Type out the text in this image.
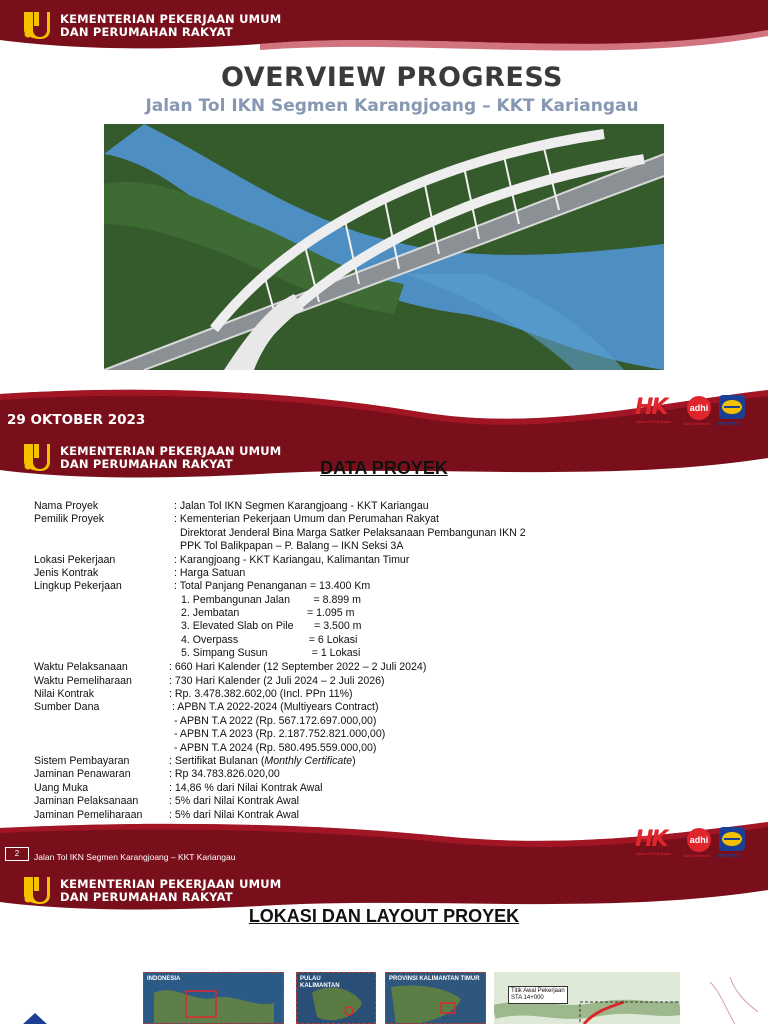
KEMENTERIAN PEKERJAAN UMUM
DAN PERUMAHAN RAKYAT
OVERVIEW PROGRESS
Jalan Tol IKN Segmen Karangjoang – KKT Kariangau
29 OKTOBER 2023	HK
Spirit of Work Better
adhi
Karya Harmoni BRANTAS
KEMENTERIAN PEKERJAAN UMUM
DAN PERUMAHAN RAKYAT	DATA PROYEK
Nama Proyek	: Jalan Tol IKN Segmen Karangjoang - KKT Kariangau
Pemilik Proyek	: Kementerian Pekerjaan Umum dan Perumahan Rakyat
Direktorat Jenderal Bina Marga Satker Pelaksanaan Pembangunan IKN 2
PPK Tol Balikpapan – P. Balang – IKN Seksi 3A
Lokasi Pekerjaan	: Karangjoang - KKT Kariangau, Kalimantan Timur
Jenis Kontrak	: Harga Satuan
Lingkup Pekerjaan	: Total Panjang Penanganan = 13.400 Km
1. Pembangunan Jalan        = 8.899 m
2. Jembatan                       = 1.095 m
3. Elevated Slab on Pile       = 3.500 m
4. Overpass                        = 6 Lokasi
5. Simpang Susun               = 1 Lokasi
Waktu Pelaksanaan	: 660 Hari Kalender (12 September 2022 – 2 Juli 2024)
Waktu Pemeliharaan	: 730 Hari Kalender (2 Juli 2024 – 2 Juli 2026)
Nilai Kontrak	: Rp. 3.478.382.602,00 (Incl. PPn 11%)
Sumber Dana	: APBN T.A 2022-2024 (Multiyears Contract)
- APBN T.A 2022 (Rp. 567.172.697.000,00)
- APBN T.A 2023 (Rp. 2.187.752.821.000,00)
- APBN T.A 2024 (Rp. 580.495.559.000,00)
Sistem Pembayaran	: Sertifikat Bulanan (Monthly Certificate)
Jaminan Penawaran	: Rp 34.783.826.020,00
Uang Muka	: 14,86 % dari Nilai Kontrak Awal
Jaminan Pelaksanaan	: 5% dari Nilai Kontrak Awal
Jaminan Pemeliharaan	: 5% dari Nilai Kontrak Awal
2	Jalan Tol IKN Segmen Karangjoang – KKT Kariangau
HK
Spirit of Work Better
adhi
Karya Harmoni BRANTAS
KEMENTERIAN PEKERJAAN UMUM
DAN PERUMAHAN RAKYAT
LOKASI DAN LAYOUT PROYEK
INDONESIA	PULAU
KALIMANTAN
PROVINSI KALIMANTAN TIMUR
Titik Awal Pekerjaan
STA 14+000
